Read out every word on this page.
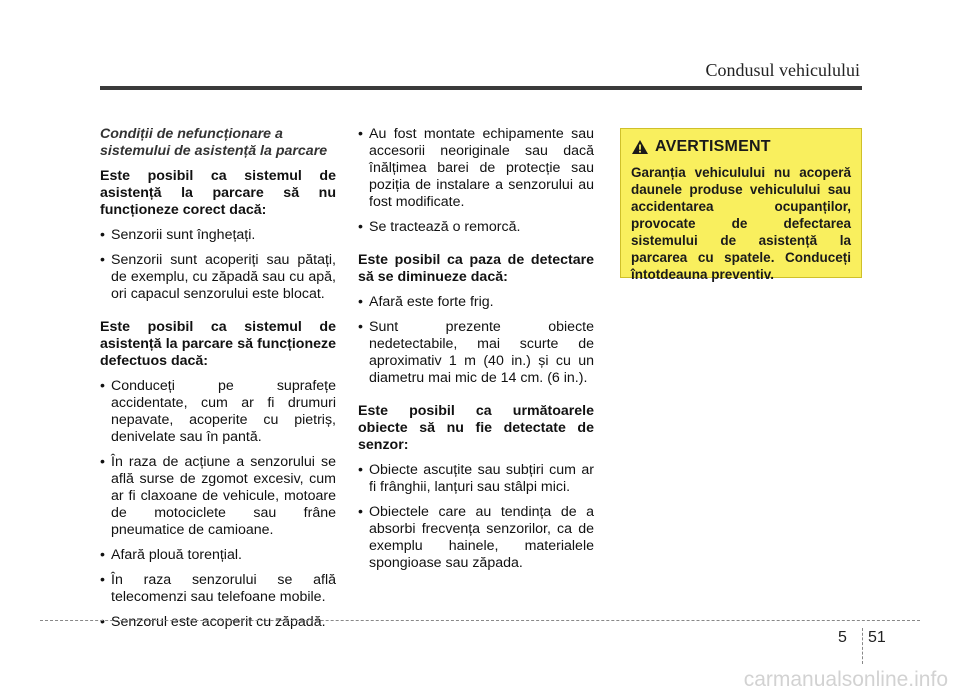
Condusul vehiculului

Condiții de nefuncționare a
sistemului de asistență la parcare

Este posibil ca sistemul de asistență la parcare să nu funcționeze corect dacă:

• Senzorii sunt înghețați.
• Senzorii sunt acoperiți sau pătați, de exemplu, cu zăpadă sau cu apă, ori capacul senzorului este blocat.

Este posibil ca sistemul de asistență la parcare să funcționeze defectuos dacă:

• Conduceți pe suprafețe accidentate, cum ar fi drumuri nepavate, acoperite cu pietriș, denivelate sau în pantă.
• În raza de acțiune a senzorului se află surse de zgomot excesiv, cum ar fi claxoane de vehicule, motoare de motociclete sau frâne pneumatice de camioane.
• Afară plouă torențial.
• În raza senzorului se află telecomenzi sau telefoane mobile.
• Senzorul este acoperit cu zăpadă.
• Au fost montate echipamente sau accesorii neoriginale sau dacă înălțimea barei de protecție sau poziția de instalare a senzorului au fost modificate.
• Se tractează o remorcă.

Este posibil ca paza de detectare să se diminueze dacă:

• Afară este forte frig.
• Sunt prezente obiecte nedetectabile, mai scurte de aproximativ 1 m (40 in.) și cu un diametru mai mic de 14 cm. (6 in.).

Este posibil ca următoarele obiecte să nu fie detectate de senzor:

• Obiecte ascuțite sau subțiri cum ar fi frânghii, lanțuri sau stâlpi mici.
• Obiectele care au tendința de a absorbi frecvența senzorilor, ca de exemplu hainele, materialele spongioase sau zăpada.
AVERTISMENT
Garanția vehiculului nu acoperă daunele produse vehiculului sau accidentarea ocupanților, provocate de defectarea sistemului de asistență la parcarea cu spatele. Conduceți întotdeauna preventiv.
5 51
carmanualsonline.info
